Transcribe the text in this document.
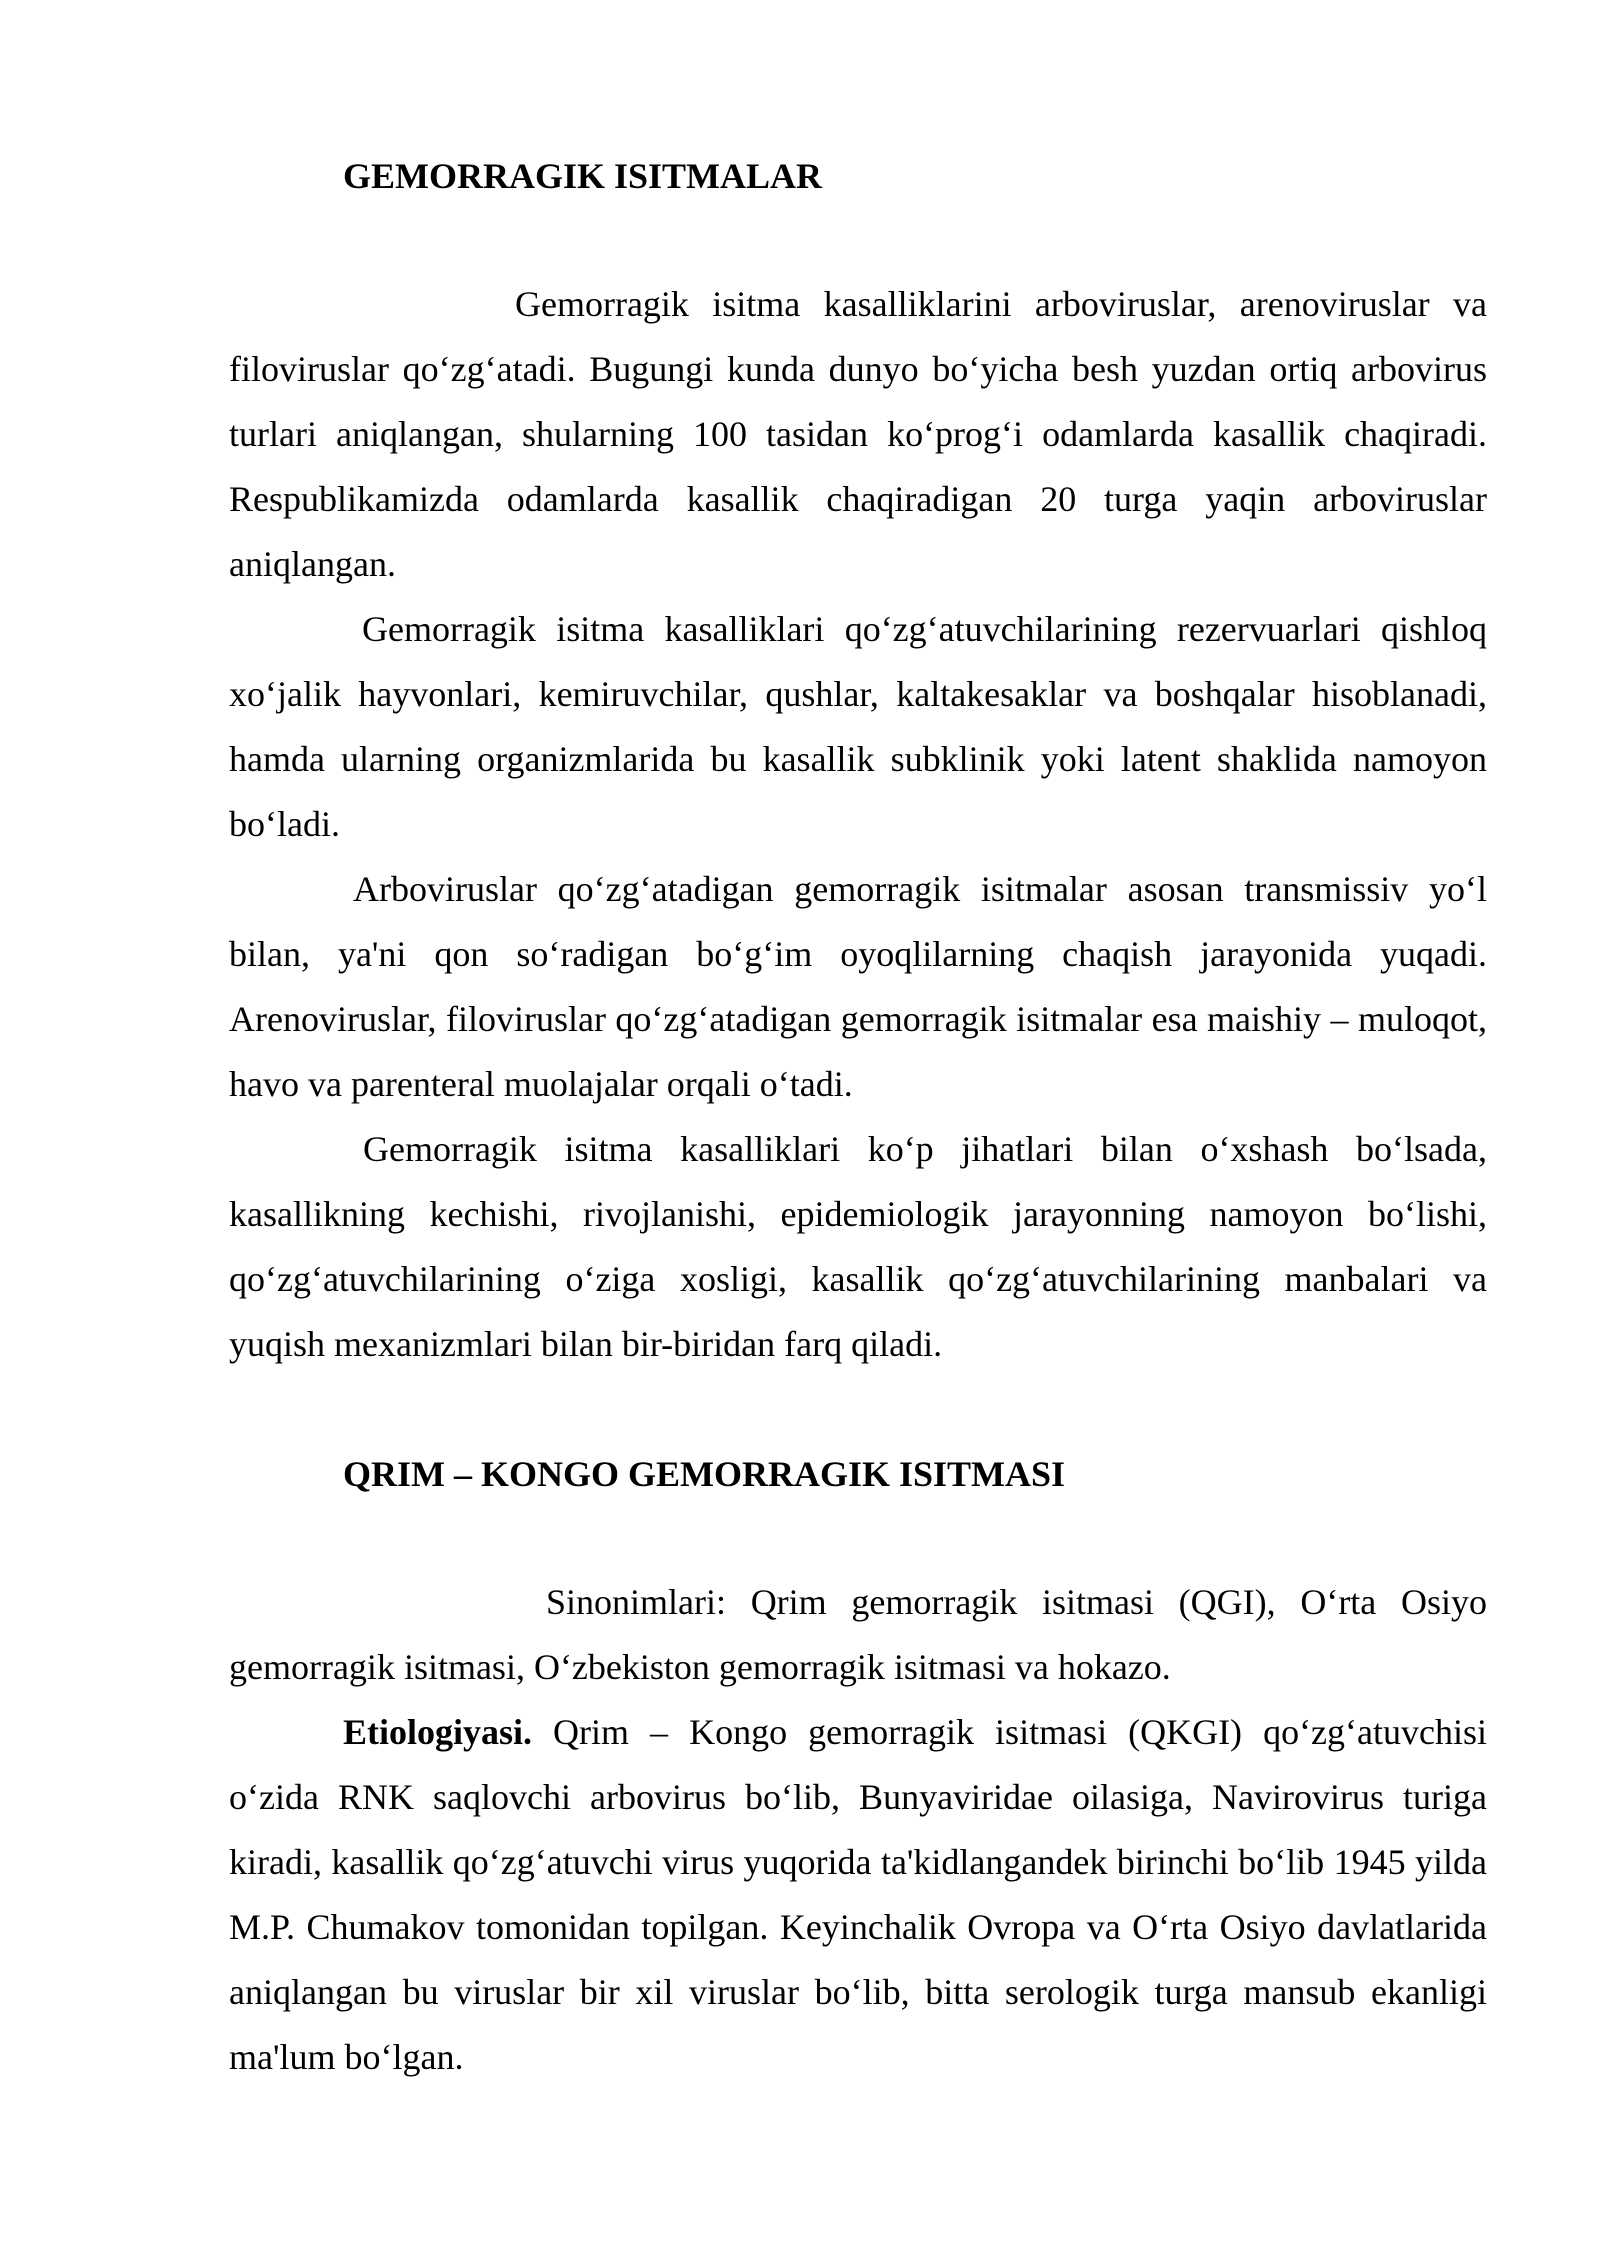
GEMORRAGIK ISITMALAR

Gemorragik isitma kasalliklarini arboviruslar, arenoviruslar va filoviruslar qo‘zg‘atadi. Bugungi kunda dunyo bo‘yicha besh yuzdan ortiq arbovirus turlari aniqlangan, shularning 100 tasidan ko‘prog‘i odamlarda kasallik chaqiradi. Respublikamizda odamlarda kasallik chaqiradigan 20 turga yaqin arboviruslar aniqlangan.

Gemorragik isitma kasalliklari qo‘zg‘atuvchilarining rezervuarlari qishloq xo‘jalik hayvonlari, kemiruvchilar, qushlar, kaltakesaklar va boshqalar hisoblanadi, hamda ularning organizmlarida bu kasallik subklinik yoki latent shaklida namoyon bo‘ladi.

Arboviruslar qo‘zg‘atadigan gemorragik isitmalar asosan transmissiv yo‘l bilan, ya'ni qon so‘radigan bo‘g‘im oyoqlilarning chaqish jarayonida yuqadi. Arenoviruslar, filoviruslar qo‘zg‘atadigan gemorragik isitmalar esa maishiy – muloqot, havo va parenteral muolajalar orqali o‘tadi.

Gemorragik isitma kasalliklari ko‘p jihatlari bilan o‘xshash bo‘lsada, kasallikning kechishi, rivojlanishi, epidemiologik jarayonning namoyon bo‘lishi, qo‘zg‘atuvchilarining o‘ziga xosligi, kasallik qo‘zg‘atuvchilarining manbalari va yuqish mexanizmlari bilan bir-biridan farq qiladi.

QRIM – KONGO GEMORRAGIK ISITMASI

Sinonimlari: Qrim gemorragik isitmasi (QGI), O‘rta Osiyo gemorragik isitmasi, O‘zbekiston gemorragik isitmasi va hokazo.

Etiologiyasi. Qrim – Kongo gemorragik isitmasi (QKGI) qo‘zg‘atuvchisi o‘zida RNK saqlovchi arbovirus bo‘lib, Bunyaviridae oilasiga, Navirovirus turiga kiradi, kasallik qo‘zg‘atuvchi virus yuqorida ta'kidlangandek birinchi bo‘lib 1945 yilda M.P. Chumakov tomonidan topilgan. Keyinchalik Ovropa va O‘rta Osiyo davlatlarida aniqlangan bu viruslar bir xil viruslar bo‘lib, bitta serologik turga mansub ekanligi ma'lum bo‘lgan.
